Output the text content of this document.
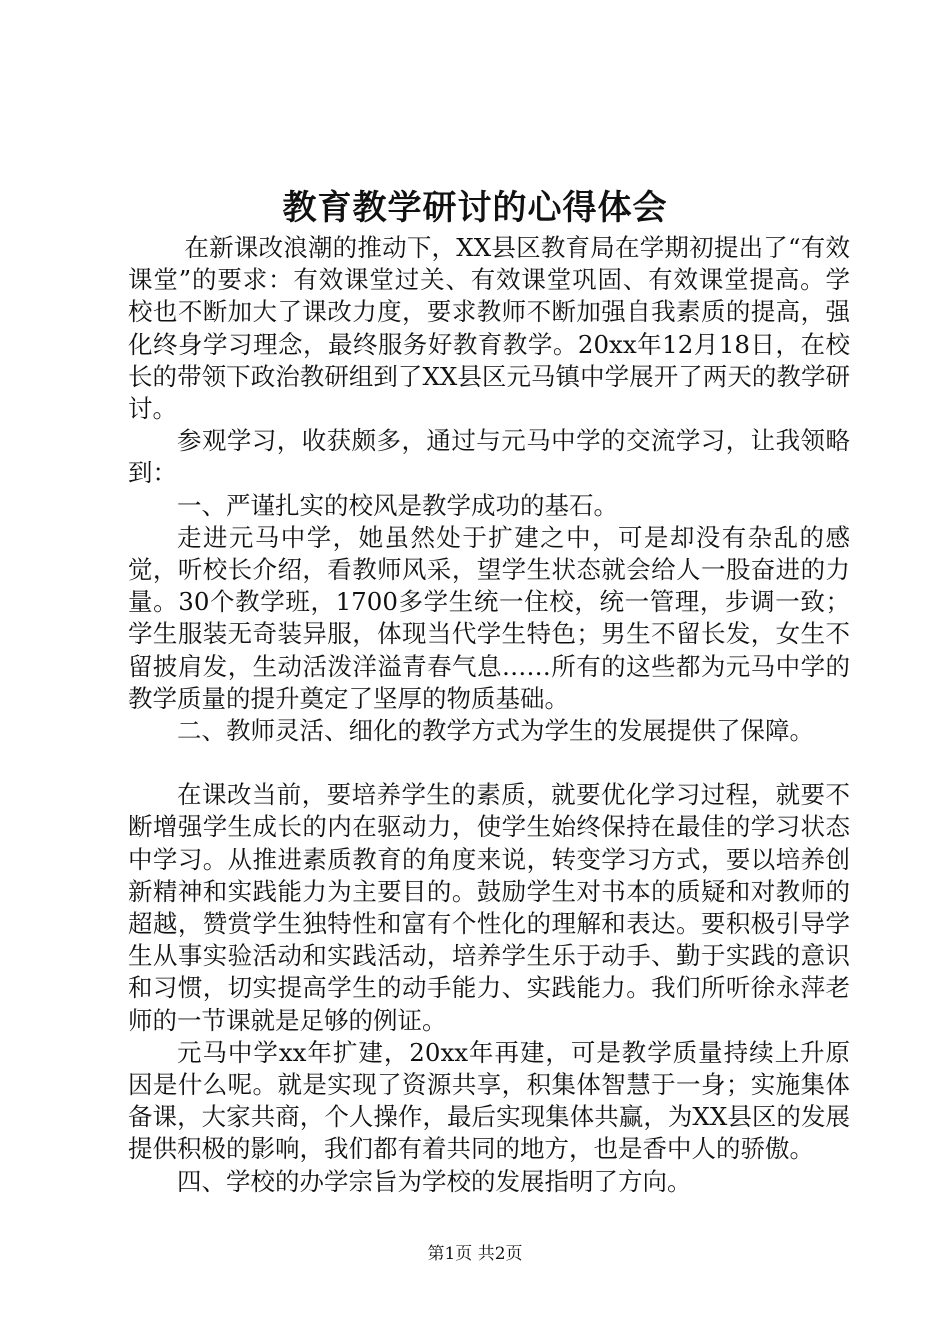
教育教学研讨的心得体会

在新课改浪潮的推动下，XX县区教育局在学期初提出了“有效课堂”的要求：有效课堂过关、有效课堂巩固、有效课堂提高。学校也不断加大了课改力度，要求教师不断加强自我素质的提高，强化终身学习理念，最终服务好教育教学。20xx年12月18日，在校长的带领下政治教研组到了XX县区元马镇中学展开了两天的教学研讨。

参观学习，收获颇多，通过与元马中学的交流学习，让我领略到：

一、严谨扎实的校风是教学成功的基石。

走进元马中学，她虽然处于扩建之中，可是却没有杂乱的感觉，听校长介绍，看教师风采，望学生状态就会给人一股奋进的力量。30个教学班，1700多学生统一住校，统一管理，步调一致；学生服装无奇装异服，体现当代学生特色；男生不留长发，女生不留披肩发，生动活泼洋溢青春气息……所有的这些都为元马中学的教学质量的提升奠定了坚厚的物质基础。

二、教师灵活、细化的教学方式为学生的发展提供了保障。

在课改当前，要培养学生的素质，就要优化学习过程，就要不断增强学生成长的内在驱动力，使学生始终保持在最佳的学习状态中学习。从推进素质教育的角度来说，转变学习方式，要以培养创新精神和实践能力为主要目的。鼓励学生对书本的质疑和对教师的超越，赞赏学生独特性和富有个性化的理解和表达。要积极引导学生从事实验活动和实践活动，培养学生乐于动手、勤于实践的意识和习惯，切实提高学生的动手能力、实践能力。我们所听徐永萍老师的一节课就是足够的例证。

元马中学xx年扩建，20xx年再建，可是教学质量持续上升原因是什么呢。就是实现了资源共享，积集体智慧于一身；实施集体备课，大家共商，个人操作，最后实现集体共赢，为XX县区的发展提供积极的影响，我们都有着共同的地方，也是香中人的骄傲。

四、学校的办学宗旨为学校的发展指明了方向。

第1页 共2页
